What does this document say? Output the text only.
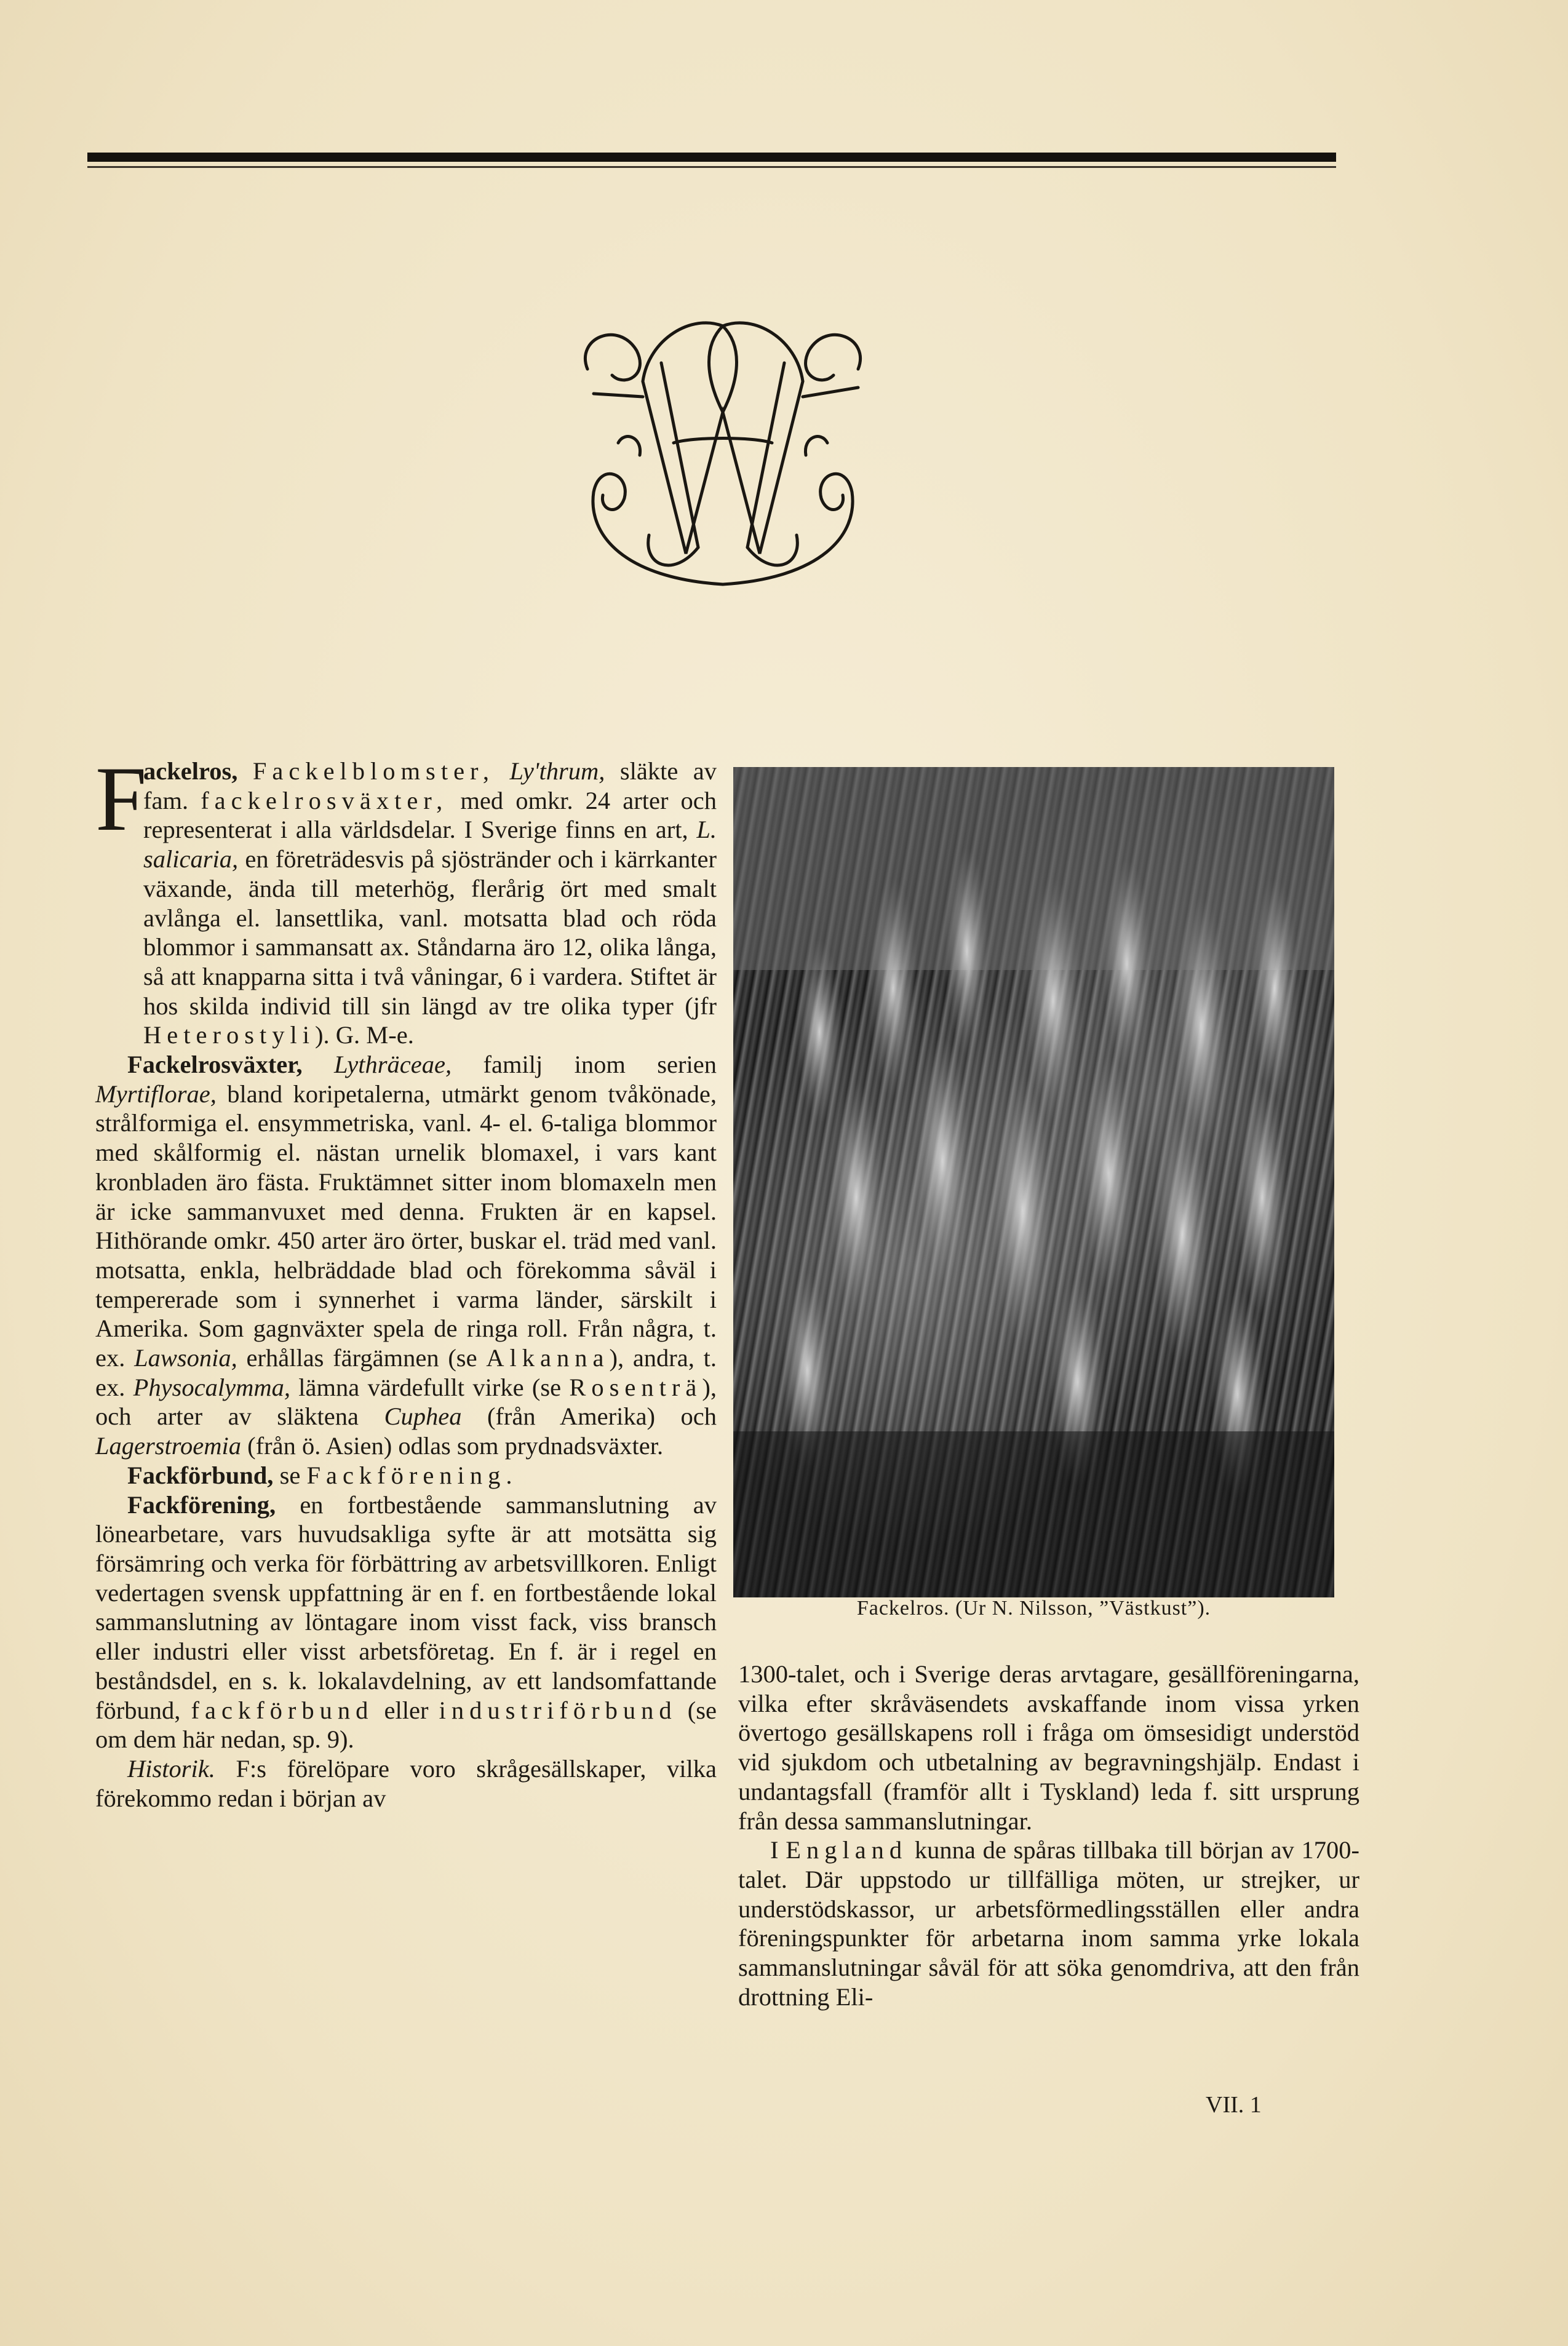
F
ackelros, Fackelblomster, Ly'thrum, släkte av fam. fackelrosväxter, med omkr. 24 arter och representerat i alla världsdelar. I Sverige finns en art, L. salicaria, en företrädesvis på sjöstränder och i kärrkanter växande, ända till meterhög, flerårig ört med smalt avlånga el. lansettlika, vanl. motsatta blad och röda blommor i sammansatt ax. Ståndarna äro 12, olika långa, så att knapparna sitta i två våningar, 6 i vardera. Stiftet är hos skilda individ till sin längd av tre olika typer (jfr Heterostyli). G. M-e.

Fackelrosväxter, Lythräceae, familj inom serien Myrtiflorae, bland koripetalerna, utmärkt genom tvåkönade, strålformiga el. ensymmetriska, vanl. 4- el. 6-taliga blommor med skålformig el. nästan urnelik blomaxel, i vars kant kronbladen äro fästa. Fruktämnet sitter inom blomaxeln men är icke sammanvuxet med denna. Frukten är en kapsel. Hithörande omkr. 450 arter äro örter, buskar el. träd med vanl. motsatta, enkla, helbräddade blad och förekomma såväl i tempererade som i synnerhet i varma länder, särskilt i Amerika. Som gagnväxter spela de ringa roll. Från några, t. ex. Lawsonia, erhållas färgämnen (se Alkanna), andra, t. ex. Physocalymma, lämna värdefullt virke (se Rosenträ), och arter av släktena Cuphea (från Amerika) och Lagerstroemia (från ö. Asien) odlas som prydnadsväxter.

Fackförbund, se Fackförening.

Fackförening, en fortbestående sammanslutning av lönearbetare, vars huvudsakliga syfte är att motsätta sig försämring och verka för förbättring av arbetsvillkoren. Enligt vedertagen svensk uppfattning är en f. en fortbestående lokal sammanslutning av löntagare inom visst fack, viss bransch eller industri eller visst arbetsföretag. En f. är i regel en beståndsdel, en s. k. lokalavdelning, av ett landsomfattande förbund, fackförbund eller industriförbund (se om dem här nedan, sp. 9).

Historik. F:s förelöpare voro skrågesällskaper, vilka förekommo redan i början av

Fackelros. (Ur N. Nilsson, ”Västkust”).

1300-talet, och i Sverige deras arvtagare, gesällföreningarna, vilka efter skråväsendets avskaffande inom vissa yrken övertogo gesällskapens roll i fråga om ömsesidigt understöd vid sjukdom och utbetalning av begravningshjälp. Endast i undantagsfall (framför allt i Tyskland) leda f. sitt ursprung från dessa sammanslutningar.

I England kunna de spåras tillbaka till början av 1700-talet. Där uppstodo ur tillfälliga möten, ur strejker, ur understödskassor, ur arbetsförmedlingsställen eller andra föreningspunkter för arbetarna inom samma yrke lokala sammanslutningar såväl för att söka genomdriva, att den från drottning Eli-

VII. 1
